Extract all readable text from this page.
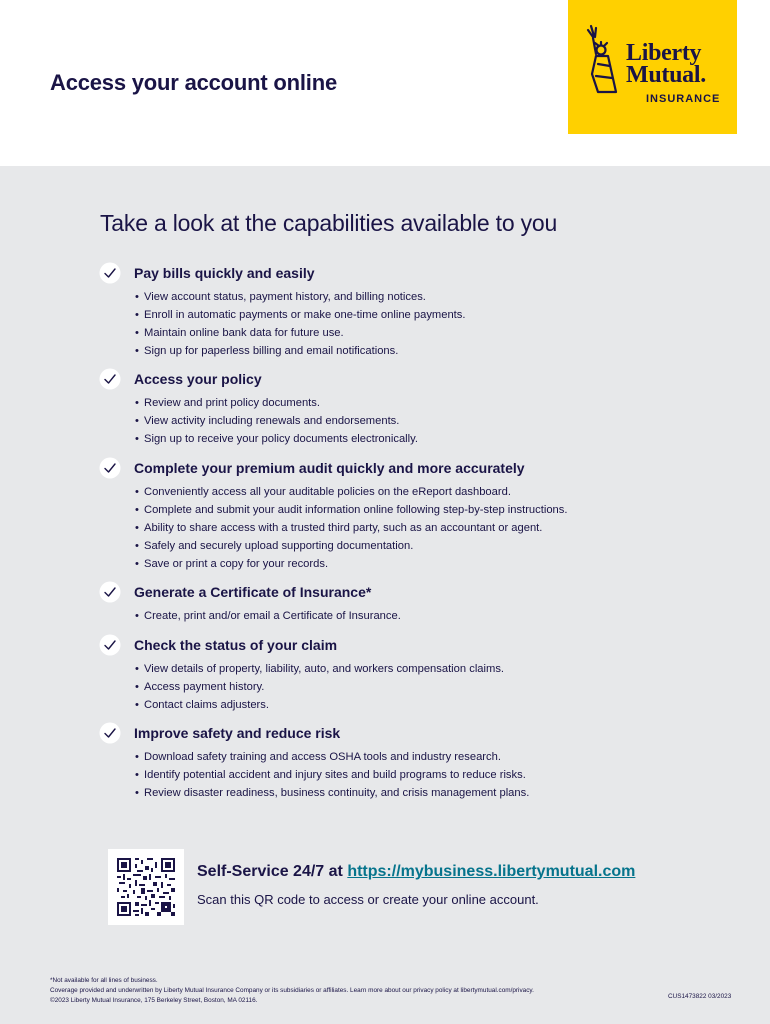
Access your account online
Liberty
Mutual.
INSURANCE
Take a look at the capabilities available to you
Pay bills quickly and easily
• View account status, payment history, and billing notices.
• Enroll in automatic payments or make one-time online payments.
• Maintain online bank data for future use.
• Sign up for paperless billing and email notifications.
Access your policy
• Review and print policy documents.
• View activity including renewals and endorsements.
• Sign up to receive your policy documents electronically.
Complete your premium audit quickly and more accurately
• Conveniently access all your auditable policies on the eReport dashboard.
• Complete and submit your audit information online following step-by-step instructions.
• Ability to share access with a trusted third party, such as an accountant or agent.
• Safely and securely upload supporting documentation.
• Save or print a copy for your records.
Generate a Certificate of Insurance*
• Create, print and/or email a Certificate of Insurance.
Check the status of your claim
• View details of property, liability, auto, and workers compensation claims.
• Access payment history.
• Contact claims adjusters.
Improve safety and reduce risk
• Download safety training and access OSHA tools and industry research.
• Identify potential accident and injury sites and build programs to reduce risks.
• Review disaster readiness, business continuity, and crisis management plans.
Self-Service 24/7 at https://mybusiness.libertymutual.com
Scan this QR code to access or create your online account.
*Not available for all lines of business.
Coverage provided and underwritten by Liberty Mutual Insurance Company or its subsidiaries or affiliates. Learn more about our privacy policy at libertymutual.com/privacy.
©2023 Liberty Mutual Insurance, 175 Berkeley Street, Boston, MA 02116.
CUS1473822 03/2023
